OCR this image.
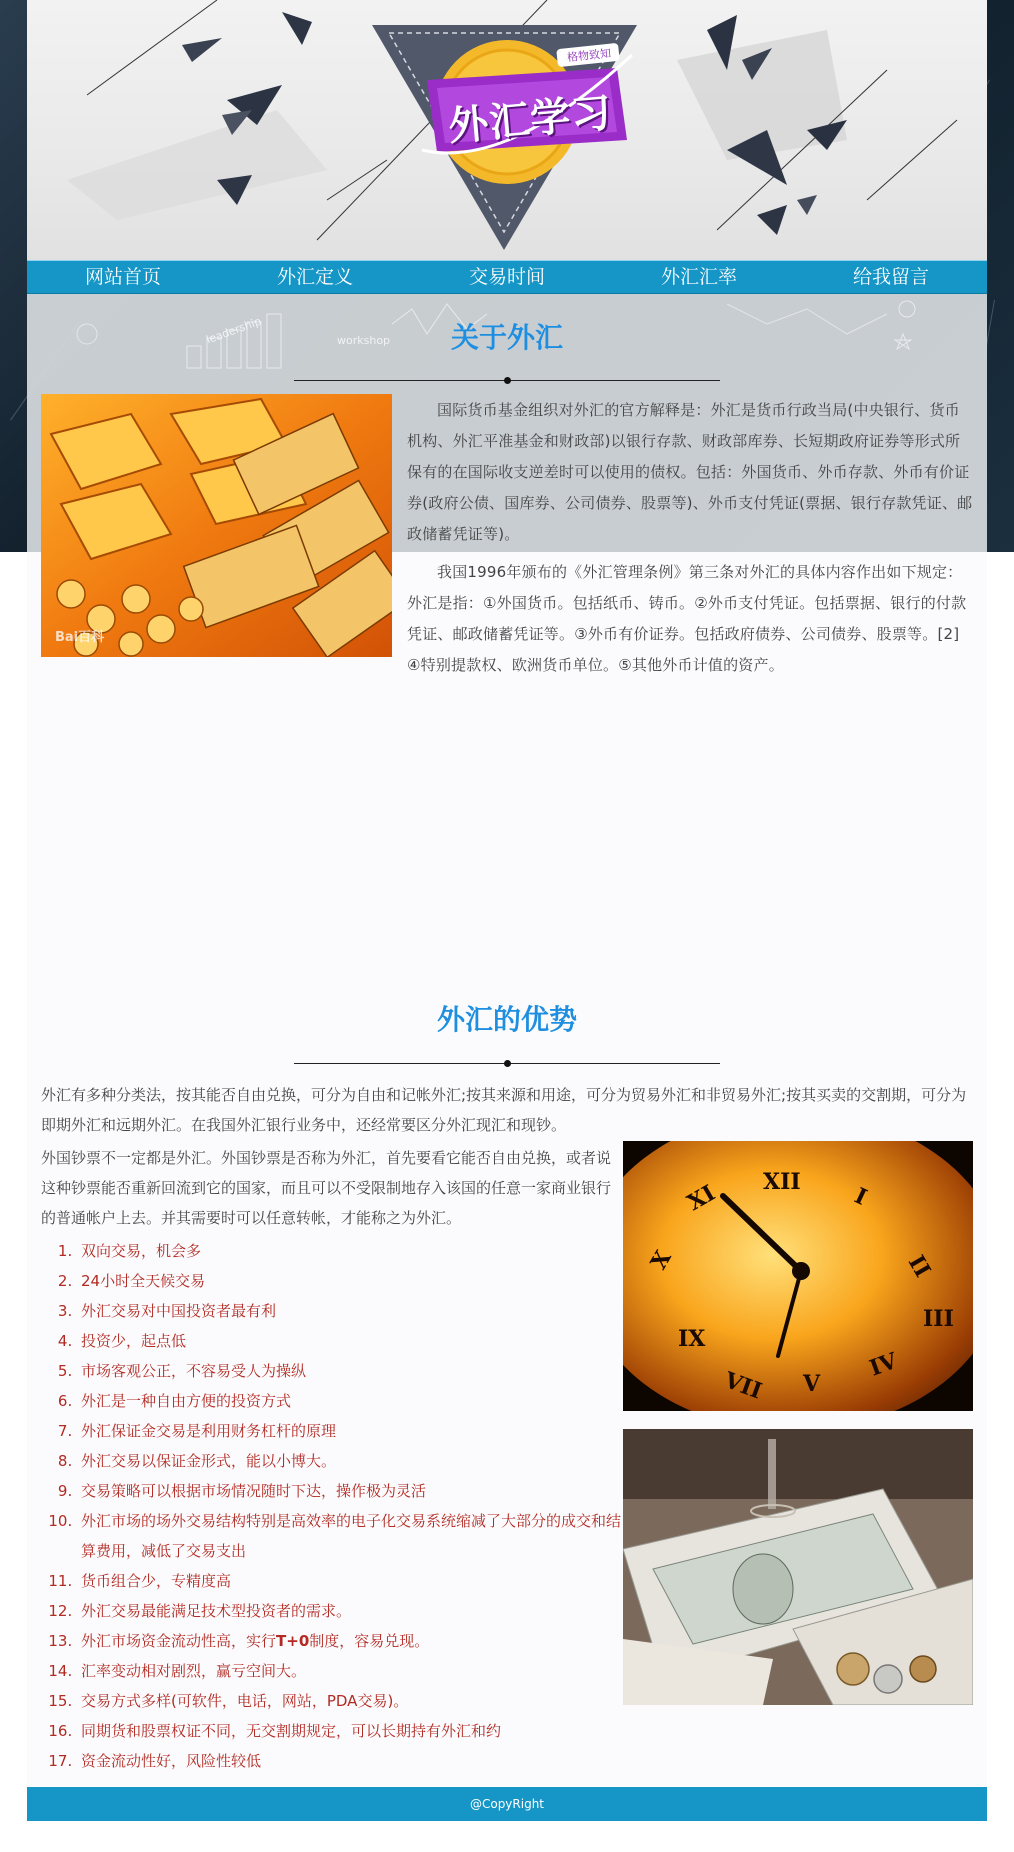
外汇学习
格物致知
网站首页	外汇定义	交易时间	外汇汇率	给我留言
leadership	workshop	关于外汇
Bai百科

国际货币基金组织对外汇的官方解释是：外汇是货币行政当局(中央银行、货币机构、外汇平准基金和财政部)以银行存款、财政部库券、长短期政府证券等形式所保有的在国际收支逆差时可以使用的债权。包括：外国货币、外币存款、外币有价证券(政府公债、国库券、公司债券、股票等)、外币支付凭证(票据、银行存款凭证、邮政储蓄凭证等)。

我国1996年颁布的《外汇管理条例》第三条对外汇的具体内容作出如下规定：外汇是指：①外国货币。包括纸币、铸币。②外币支付凭证。包括票据、银行的付款凭证、邮政储蓄凭证等。③外币有价证券。包括政府债券、公司债券、股票等。[2] ④特别提款权、欧洲货币单位。⑤其他外币计值的资产。

外汇的优势

外汇有多种分类法，按其能否自由兑换，可分为自由和记帐外汇;按其来源和用途，可分为贸易外汇和非贸易外汇;按其买卖的交割期，可分为即期外汇和远期外汇。在我国外汇银行业务中，还经常要区分外汇现汇和现钞。

外国钞票不一定都是外汇。外国钞票是否称为外汇，首先要看它能否自由兑换，或者说这种钞票能否重新回流到它的国家，而且可以不受限制地存入该国的任意一家商业银行的普通帐户上去。并其需要时可以任意转帐，才能称之为外汇。

1. 双向交易，机会多
2. 24小时全天候交易
3. 外汇交易对中国投资者最有利
4. 投资少，起点低
5. 市场客观公正，不容易受人为操纵
6. 外汇是一种自由方便的投资方式
7. 外汇保证金交易是利用财务杠杆的原理
8. 外汇交易以保证金形式，能以小博大。
9. 交易策略可以根据市场情况随时下达，操作极为灵活
10. 外汇市场的场外交易结构特别是高效率的电子化交易系统缩减了大部分的成交和结算费用，减低了交易支出
11. 货币组合少，专精度高
12. 外汇交易最能满足技术型投资者的需求。
13. 外汇市场资金流动性高，实行T+0制度，容易兑现。
14. 汇率变动相对剧烈，赢亏空间大。
15. 交易方式多样(可软件，电话，网站，PDA交易)。
16. 同期货和股票权证不同，无交割期规定，可以长期持有外汇和约
17. 资金流动性好，风险性较低
XII
I
II
III
X
XI
IX
V
VII
IV
@CopyRight
